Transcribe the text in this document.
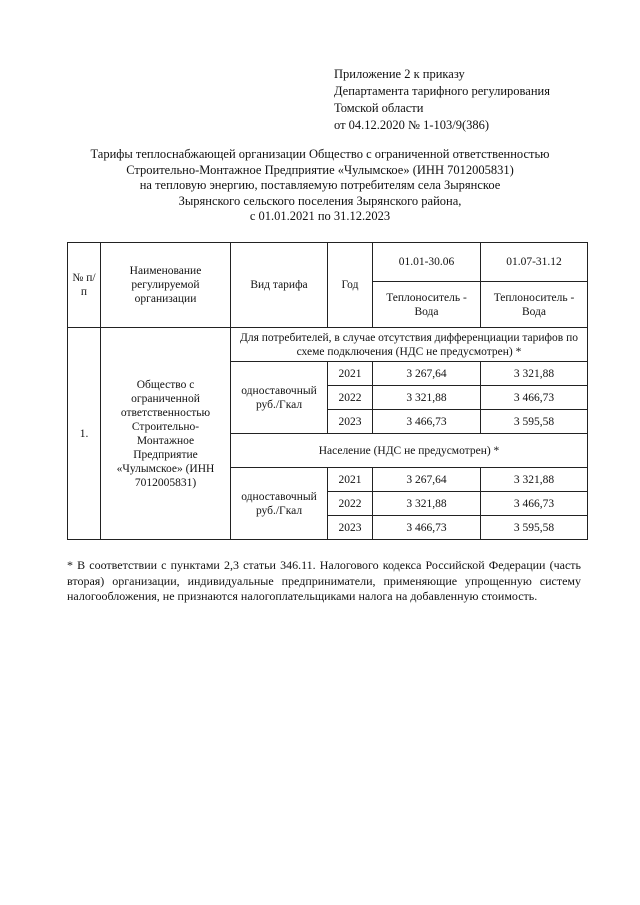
Приложение 2 к приказу
Департамента тарифного регулирования
Томской области
от 04.12.2020 № 1-103/9(386)
Тарифы теплоснабжающей организации Общество с ограниченной ответственностью
Строительно-Монтажное Предприятие «Чулымское» (ИНН 7012005831)
на тепловую энергию, поставляемую потребителям села Зырянское
Зырянского сельского поселения Зырянского района,
с 01.01.2021 по 31.12.2023
№ п/п	Наименование регулируемой организации	Вид тарифа	Год	01.01-30.06	01.07-31.12
				Теплоноситель - Вода	Теплоноситель - Вода
1.	Общество с ограниченной ответственностью Строительно-Монтажное Предприятие «Чулымское» (ИНН 7012005831)	Для потребителей, в случае отсутствия дифференциации тарифов по схеме подключения (НДС не предусмотрен) *			
		одноставочный руб./Гкал	2021	3 267,64	3 321,88
			2022	3 321,88	3 466,73
			2023	3 466,73	3 595,58
		Население (НДС не предусмотрен) *			
		одноставочный руб./Гкал	2021	3 267,64	3 321,88
			2022	3 321,88	3 466,73
			2023	3 466,73	3 595,58
* В соответствии с пунктами 2,3 статьи 346.11. Налогового кодекса Российской Федерации (часть вторая) организации, индивидуальные предприниматели, применяющие упрощенную систему налогообложения, не признаются налогоплательщиками налога на добавленную стоимость.
